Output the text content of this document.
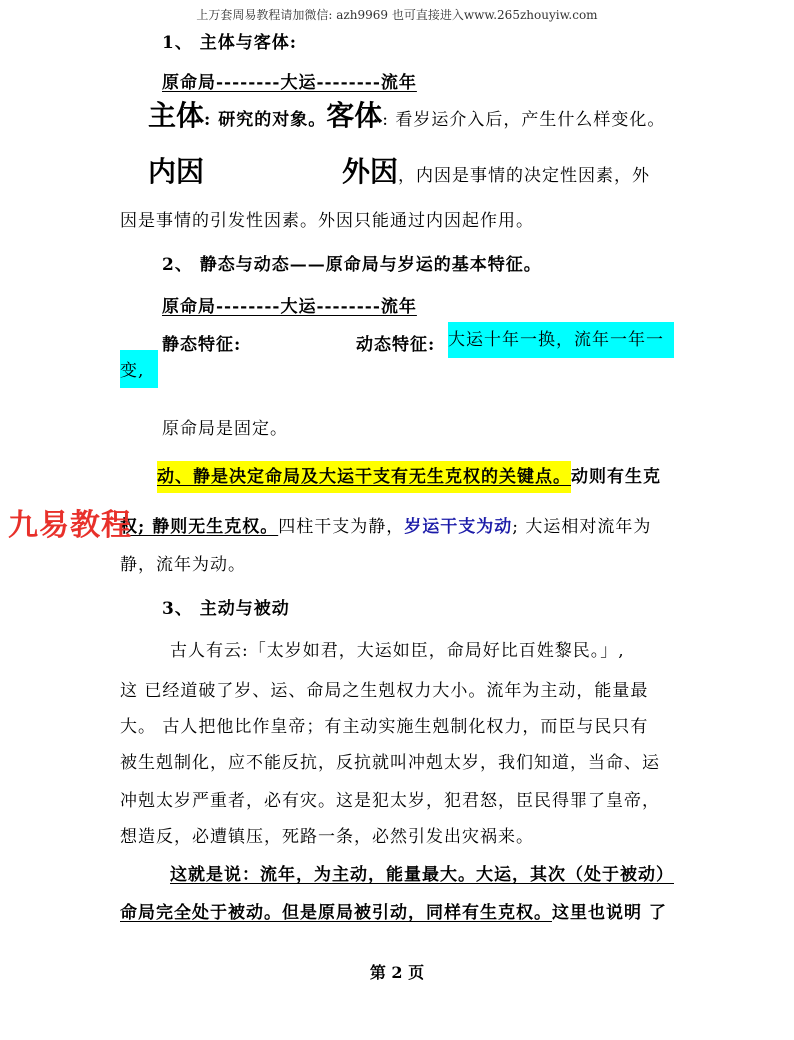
上万套周易教程请加微信: azh9969 也可直接进入www.265zhouyiw.com
1、 主体与客体:
原命局--------大运--------流年
主体: 研究的对象。客体: 看岁运介入后，产生什么样变化。
内因	外因，内因是事情的决定性因素，外
因是事情的引发性因素。外因只能通过内因起作用。
2、 静态与动态——原命局与岁运的基本特征。
原命局--------大运--------流年
静态特征:	动态特征: 大运十年一换，流年一年一
变,
原命局是固定。
动、静是决定命局及大运干支有无生克权的关键点。动则有生克
权; 静则无生克权。四柱干支为静，岁运干支为动; 大运相对流年为
静，流年为动。
3、 主动与被动
古人有云:「太岁如君，大运如臣，命局好比百姓黎民。」,
这 已经道破了岁、运、命局之生剋权力大小。流年为主动，能量最
大。 古人把他比作皇帝；有主动实施生剋制化权力，而臣与民只有
被生剋制化，应不能反抗，反抗就叫冲剋太岁，我们知道，当命、运
冲剋太岁严重者，必有灾。这是犯太岁，犯君怒，臣民得罪了皇帝，
想造反，必遭镇压，死路一条，必然引发出灾祸来。
这就是说：流年，为主动，能量最大。大运，其次（处于被动）
命局完全处于被动。但是原局被引动，同样有生克权。这里也说明 了
九易教程
第 2 页
